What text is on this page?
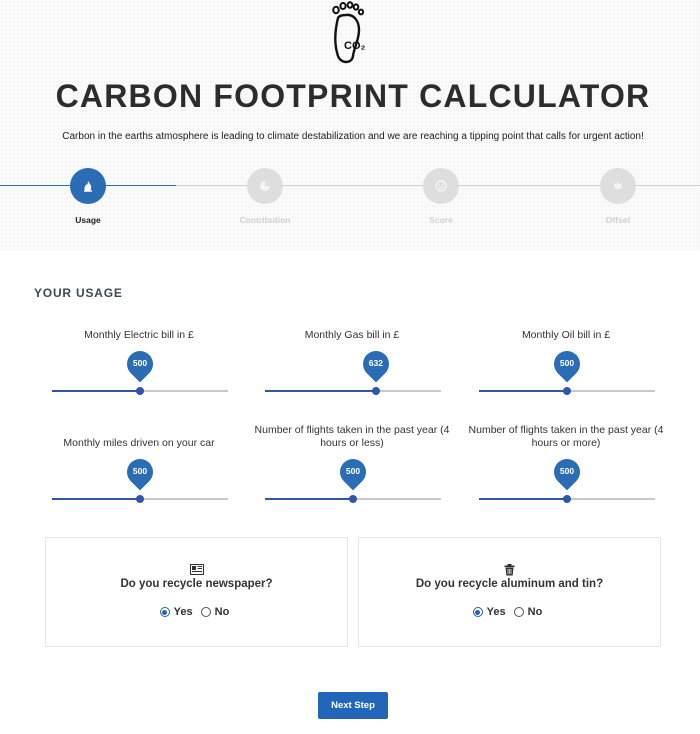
CO₂
CARBON FOOTPRINT CALCULATOR
Carbon in the earths atmosphere is leading to climate destabilization and we are reaching a tipping point that calls for urgent action!
Usage	Contribution	Score	Offset
YOUR USAGE
Monthly Electric bill in £
500
Monthly Gas bill in £
632
Monthly Oil bill in £
500
Monthly miles driven on your car
500
Number of flights taken in the past year (4 hours or less)
500
Number of flights taken in the past year (4 hours or more)
500
Do you recycle newspaper?
Yes No
Do you recycle aluminum and tin?
Yes No
Next Step
